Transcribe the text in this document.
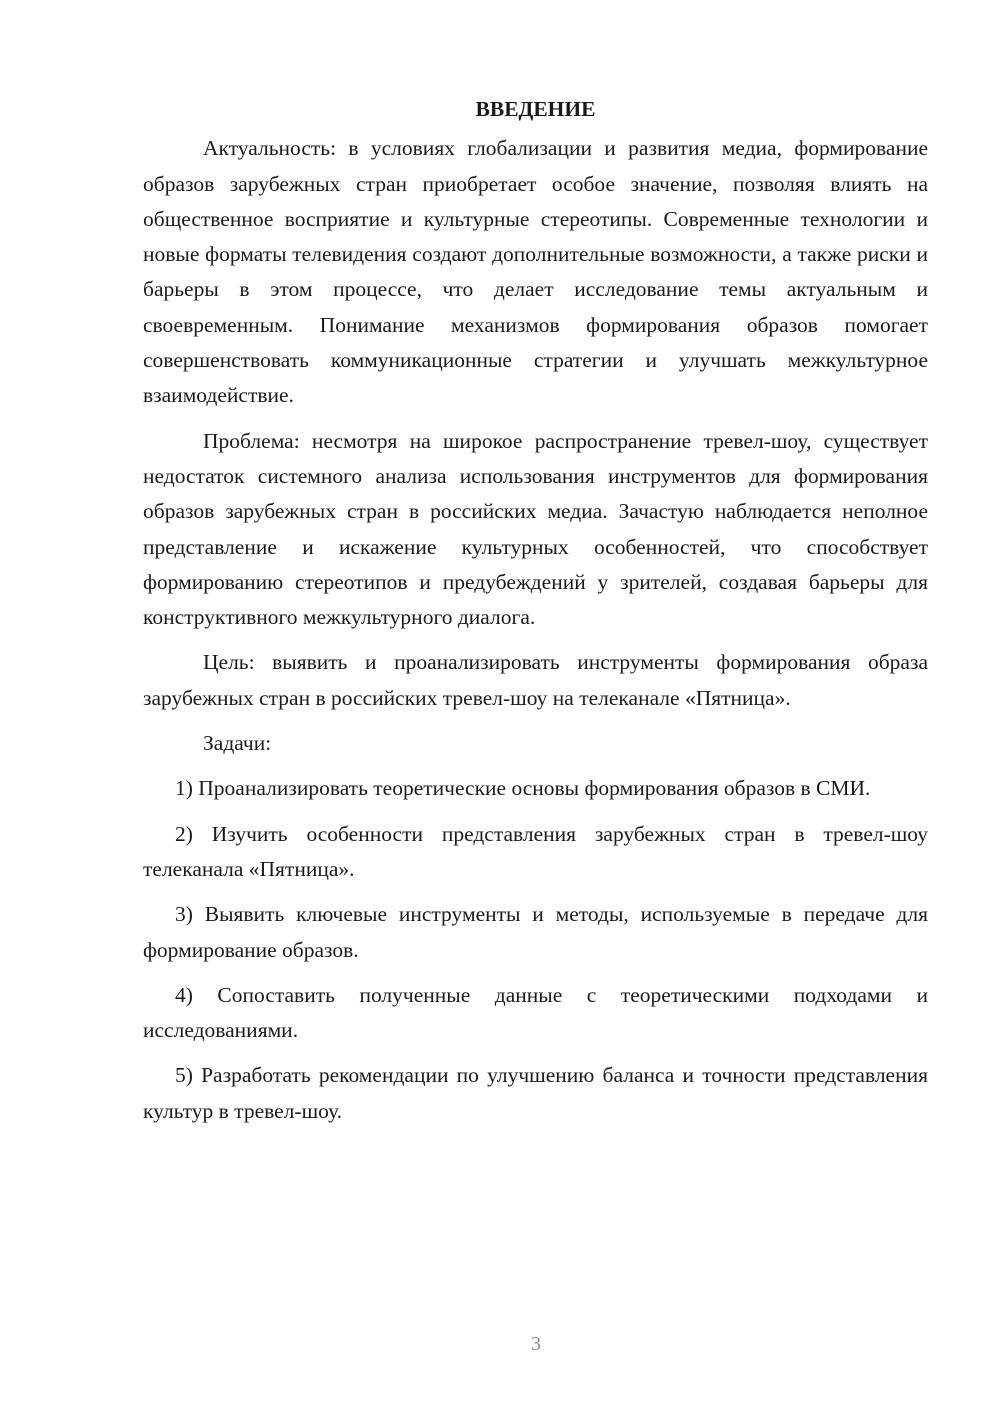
ВВЕДЕНИЕ

Актуальность: в условиях глобализации и развития медиа, формирование образов зарубежных стран приобретает особое значение, позволяя влиять на общественное восприятие и культурные стереотипы. Современные технологии и новые форматы телевидения создают дополнительные возможности, а также риски и барьеры в этом процессе, что делает исследование темы актуальным и своевременным. Понимание механизмов формирования образов помогает совершенствовать коммуникационные стратегии и улучшать межкультурное взаимодействие.

Проблема: несмотря на широкое распространение тревел-шоу, существует недостаток системного анализа использования инструментов для формирования образов зарубежных стран в российских медиа. Зачастую наблюдается неполное представление и искажение культурных особенностей, что способствует формированию стереотипов и предубеждений у зрителей, создавая барьеры для конструктивного межкультурного диалога.

Цель: выявить и проанализировать инструменты формирования образа зарубежных стран в российских тревел-шоу на телеканале «Пятница».

Задачи:

1) Проанализировать теоретические основы формирования образов в СМИ.

2) Изучить особенности представления зарубежных стран в тревел-шоу телеканала «Пятница».

3) Выявить ключевые инструменты и методы, используемые в передаче для формирование образов.

4) Сопоставить полученные данные с теоретическими подходами и исследованиями.

5) Разработать рекомендации по улучшению баланса и точности представления культур в тревел-шоу.

3
